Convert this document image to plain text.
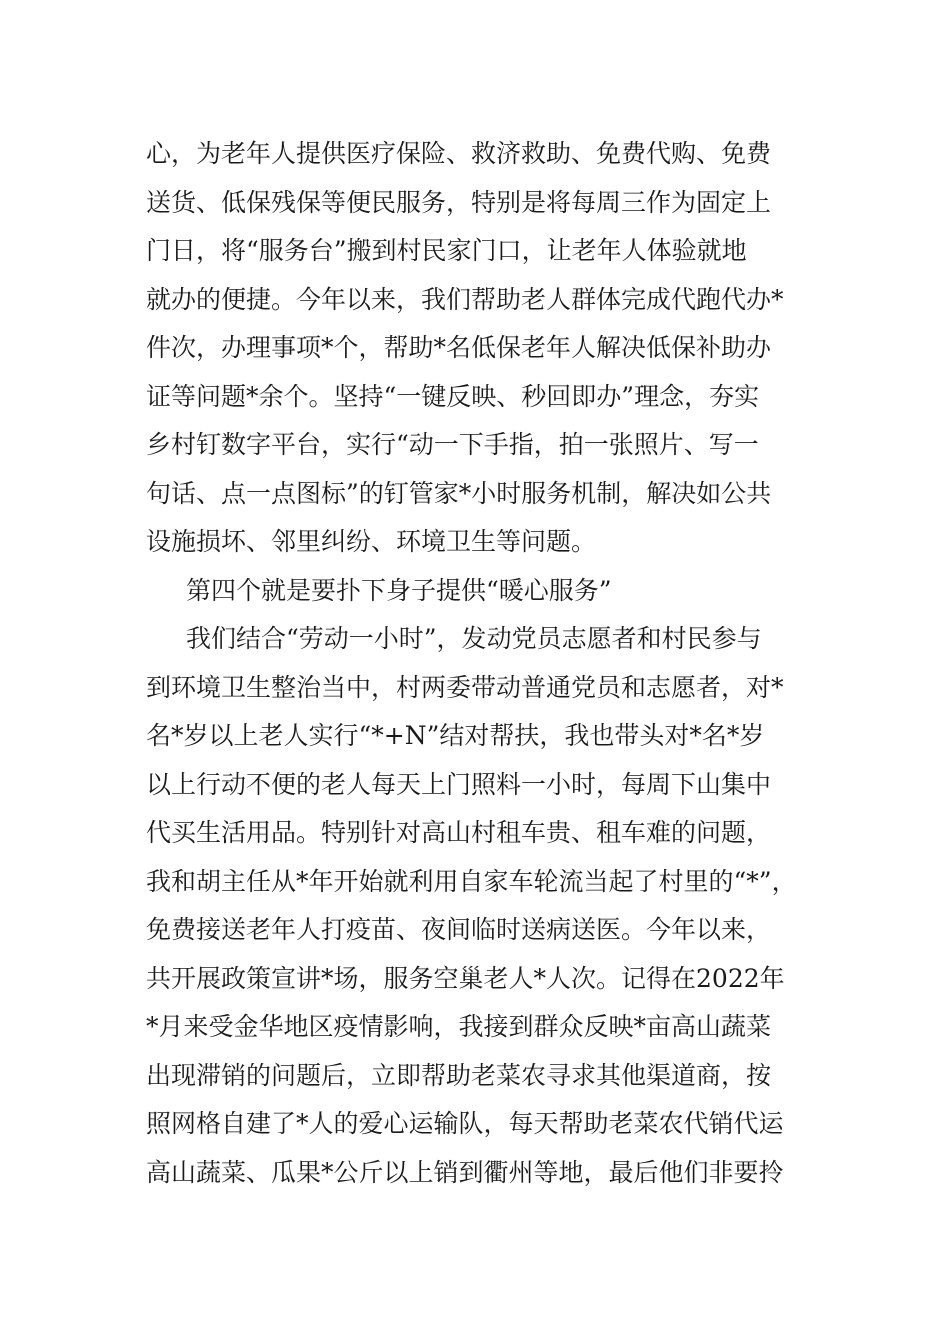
心，为老年人提供医疗保险、救济救助、免费代购、免费
送货、低保残保等便民服务，特别是将每周三作为固定上
门日，将“服务台”搬到村民家门口，让老年人体验就地
就办的便捷。今年以来，我们帮助老人群体完成代跑代办*
件次，办理事项*个，帮助*名低保老年人解决低保补助办
证等问题*余个。坚持“一键反映、秒回即办”理念，夯实
乡村钉数字平台，实行“动一下手指，拍一张照片、写一
句话、点一点图标”的钉管家*小时服务机制，解决如公共
设施损坏、邻里纠纷、环境卫生等问题。
第四个就是要扑下身子提供“暖心服务”
我们结合“劳动一小时”，发动党员志愿者和村民参与
到环境卫生整治当中，村两委带动普通党员和志愿者，对*
名*岁以上老人实行“*+N”结对帮扶，我也带头对*名*岁
以上行动不便的老人每天上门照料一小时，每周下山集中
代买生活用品。特别针对高山村租车贵、租车难的问题，
我和胡主任从*年开始就利用自家车轮流当起了村里的“*”，
免费接送老年人打疫苗、夜间临时送病送医。今年以来，
共开展政策宣讲*场，服务空巢老人*人次。记得在2022年
*月来受金华地区疫情影响，我接到群众反映*亩高山蔬菜
出现滞销的问题后，立即帮助老菜农寻求其他渠道商，按
照网格自建了*人的爱心运输队，每天帮助老菜农代销代运
高山蔬菜、瓜果*公斤以上销到衢州等地，最后他们非要拎
